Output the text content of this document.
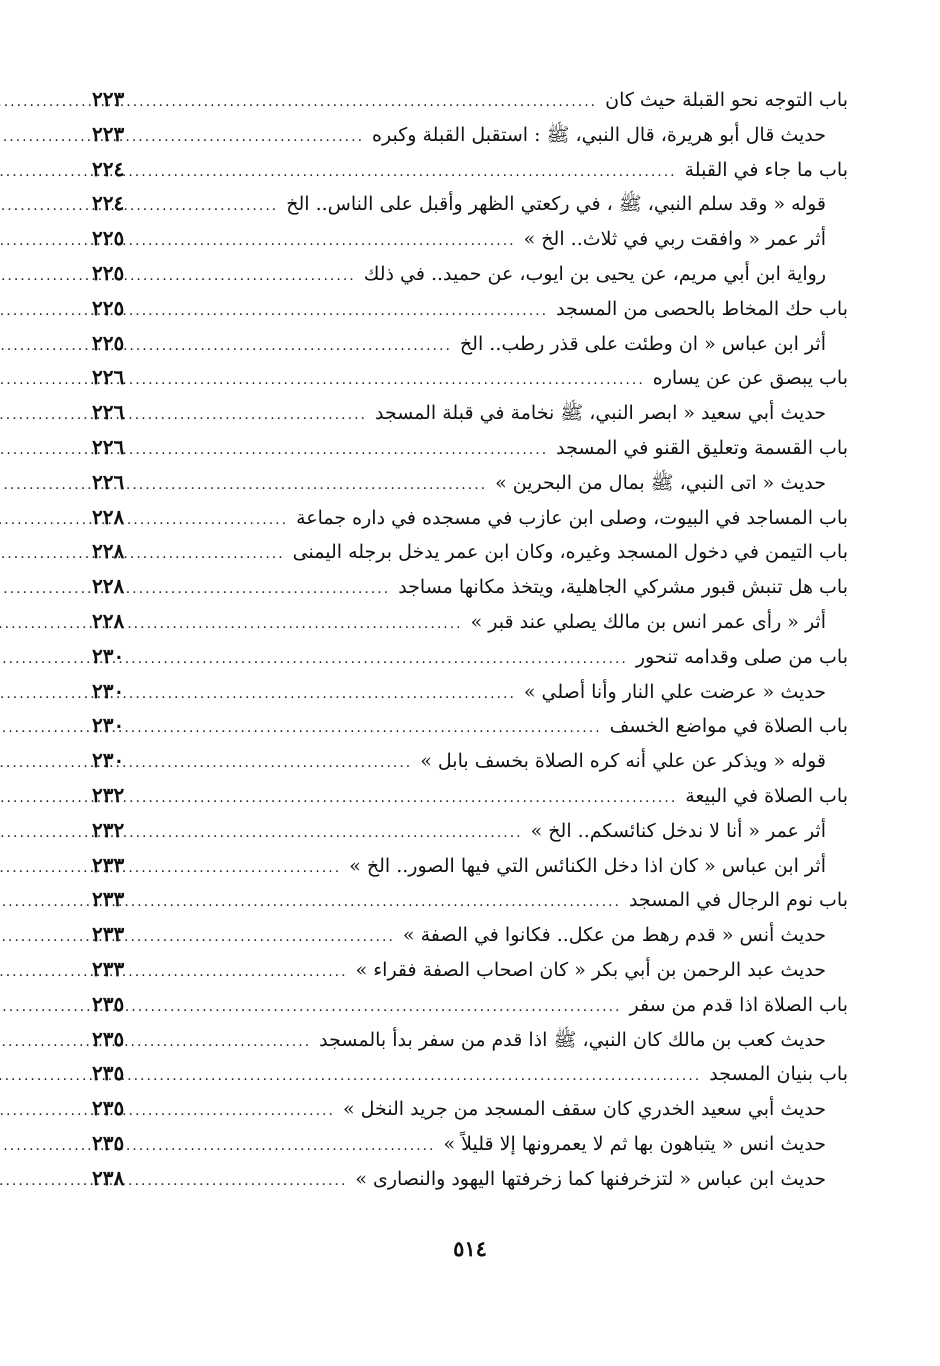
باب التوجه نحو القبلة حيث كان
.....
٢٢٣
حديث قال أبو هريرة، قال النبي، ﷺ : استقبل القبلة وكبره
.....
٢٢٣
باب ما جاء في القبلة
.....
٢٢٤
قوله « وقد سلم النبي، ﷺ ، في ركعتي الظهر وأقبل على الناس.. الخ
.....
٢٢٤
أثر عمر « وافقت ربي في ثلاث.. الخ »
.....
٢٢٥
رواية ابن أبي مريم، عن يحيى بن ايوب، عن حميد.. في ذلك
.....
٢٢٥
باب حك المخاط بالحصى من المسجد
.....
٢٢٥
أثر ابن عباس « ان وطئت على قذر رطب.. الخ
.....
٢٢٥
باب يبصق عن عن يساره
.....
٢٢٦
حديث أبي سعيد « ابصر النبي، ﷺ نخامة في قبلة المسجد
.....
٢٢٦
باب القسمة وتعليق القنو في المسجد
.....
٢٢٦
حديث « اتى النبي، ﷺ بمال من البحرين »
.....
٢٢٦
باب المساجد في البيوت، وصلى ابن عازب في مسجده في داره جماعة
.....
٢٢٨
باب التيمن في دخول المسجد وغيره، وكان ابن عمر يدخل برجله اليمنى
.....
٢٢٨
باب هل تنبش قبور مشركي الجاهلية، ويتخذ مكانها مساجد
.....
٢٢٨
أثر « رأى عمر انس بن مالك يصلي عند قبر »
.....
٢٢٨
باب من صلى وقدامه تنحور
.....
٢٣٠
حديث « عرضت علي النار وأنا أصلي »
.....
٢٣٠
باب الصلاة في مواضع الخسف
.....
٢٣٠
قوله « ويذكر عن علي أنه كره الصلاة بخسف بابل »
.....
٢٣٠
باب الصلاة في البيعة
.....
٢٣٢
أثر عمر « أنا لا ندخل كنائسكم.. الخ »
.....
٢٣٢
أثر ابن عباس « كان اذا دخل الكنائس التي فيها الصور.. الخ »
.....
٢٣٣
باب نوم الرجال في المسجد
.....
٢٣٣
حديث أنس « قدم رهط من عكل.. فكانوا في الصفة »
.....
٢٣٣
حديث عبد الرحمن بن أبي بكر « كان اصحاب الصفة فقراء »
.....
٢٣٣
باب الصلاة اذا قدم من سفر
.....
٢٣٥
حديث كعب بن مالك كان النبي، ﷺ اذا قدم من سفر بدأ بالمسجد
.....
٢٣٥
باب بنيان المسجد
.....
٢٣٥
حديث أبي سعيد الخدري كان سقف المسجد من جريد النخل »
.....
٢٣٥
حديث انس « يتباهون بها ثم لا يعمرونها إلا قليلاً »
.....
٢٣٥
حديث ابن عباس « لتزخرفنها كما زخرفتها اليهود والنصارى »
.....
٢٣٨
٥١٤
